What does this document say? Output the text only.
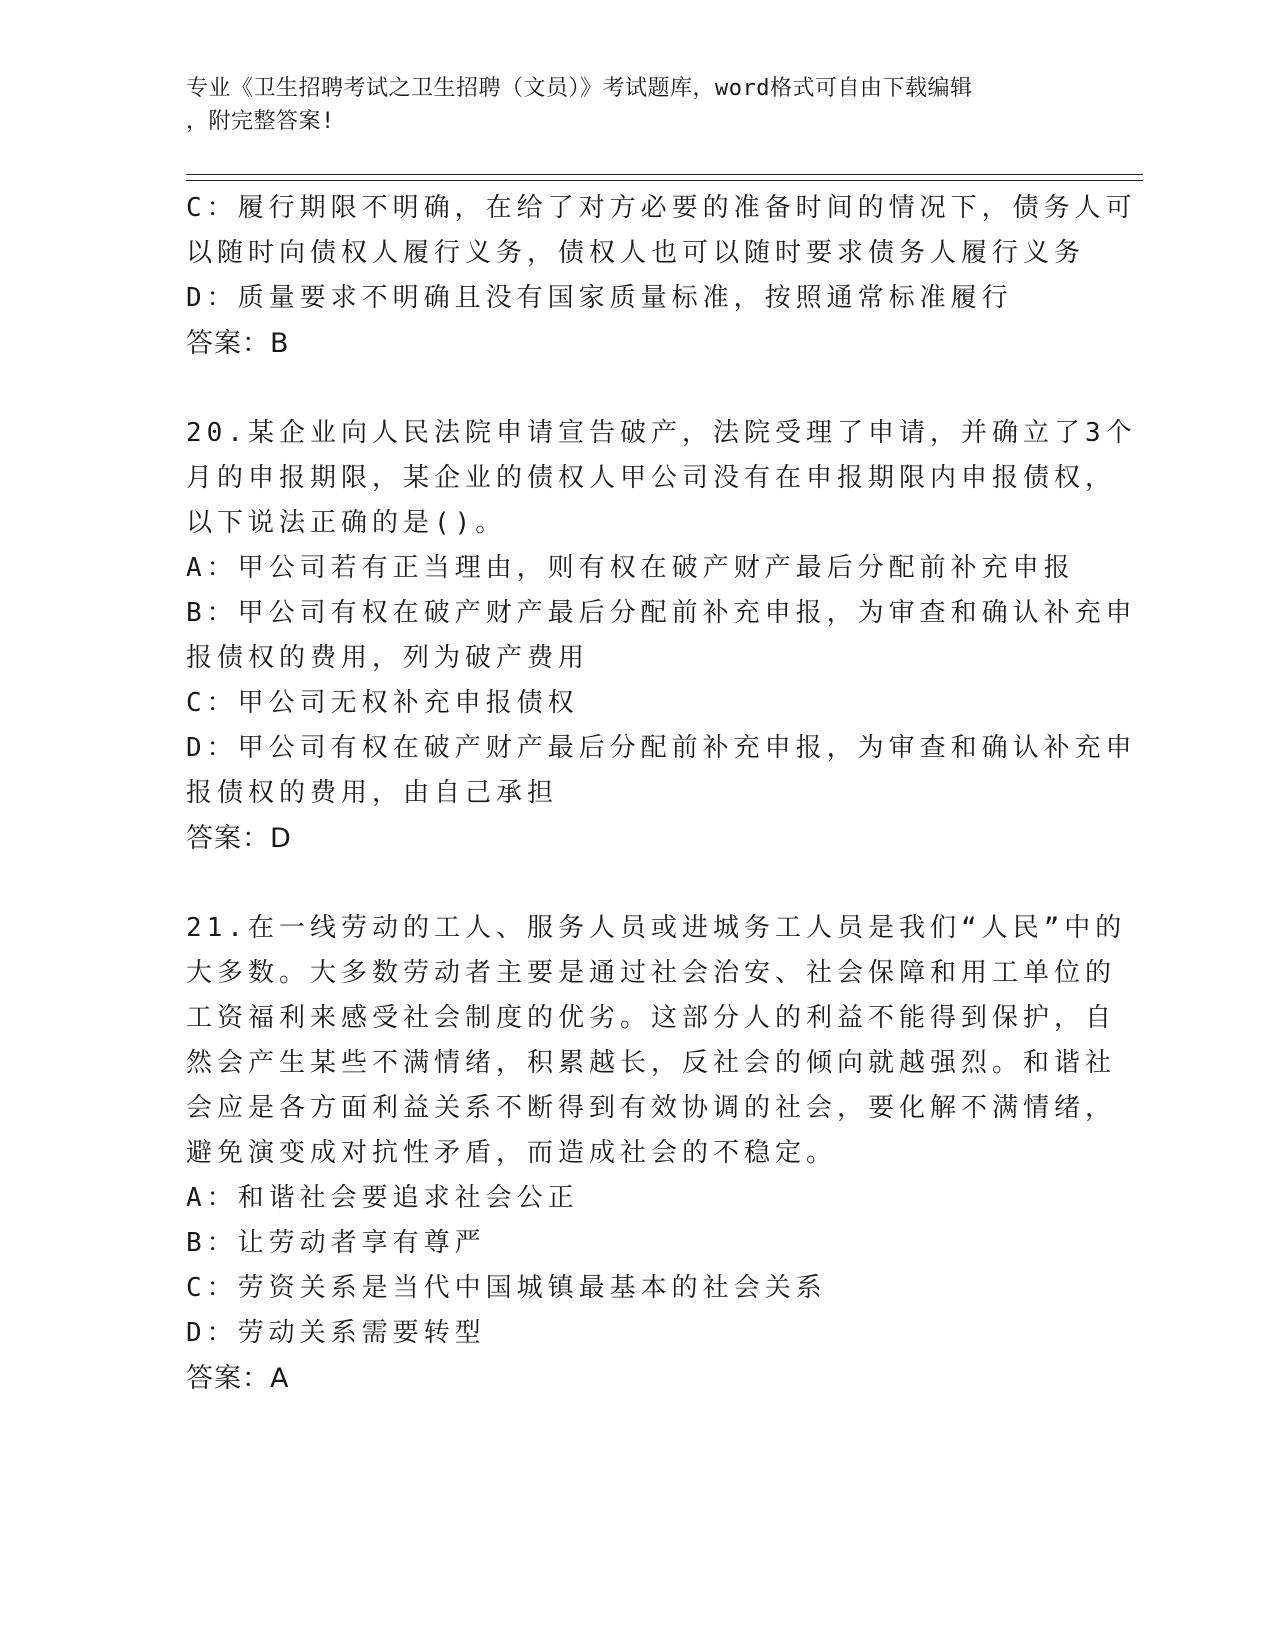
专业《卫生招聘考试之卫生招聘（文员）》考试题库，word格式可自由下载编辑
，附完整答案!
C：履行期限不明确，在给了对方必要的准备时间的情况下，债务人可
以随时向债权人履行义务，债权人也可以随时要求债务人履行义务
D：质量要求不明确且没有国家质量标准，按照通常标准履行
答案：B
20.某企业向人民法院申请宣告破产，法院受理了申请，并确立了3个
月的申报期限，某企业的债权人甲公司没有在申报期限内申报债权，
以下说法正确的是()。
A：甲公司若有正当理由，则有权在破产财产最后分配前补充申报
B：甲公司有权在破产财产最后分配前补充申报，为审查和确认补充申
报债权的费用，列为破产费用
C：甲公司无权补充申报债权
D：甲公司有权在破产财产最后分配前补充申报，为审查和确认补充申
报债权的费用，由自己承担
答案：D
21.在一线劳动的工人、服务人员或进城务工人员是我们“人民”中的
大多数。大多数劳动者主要是通过社会治安、社会保障和用工单位的
工资福利来感受社会制度的优劣。这部分人的利益不能得到保护，自
然会产生某些不满情绪，积累越长，反社会的倾向就越强烈。和谐社
会应是各方面利益关系不断得到有效协调的社会，要化解不满情绪，
避免演变成对抗性矛盾，而造成社会的不稳定。
A：和谐社会要追求社会公正
B：让劳动者享有尊严
C：劳资关系是当代中国城镇最基本的社会关系
D：劳动关系需要转型
答案：A
